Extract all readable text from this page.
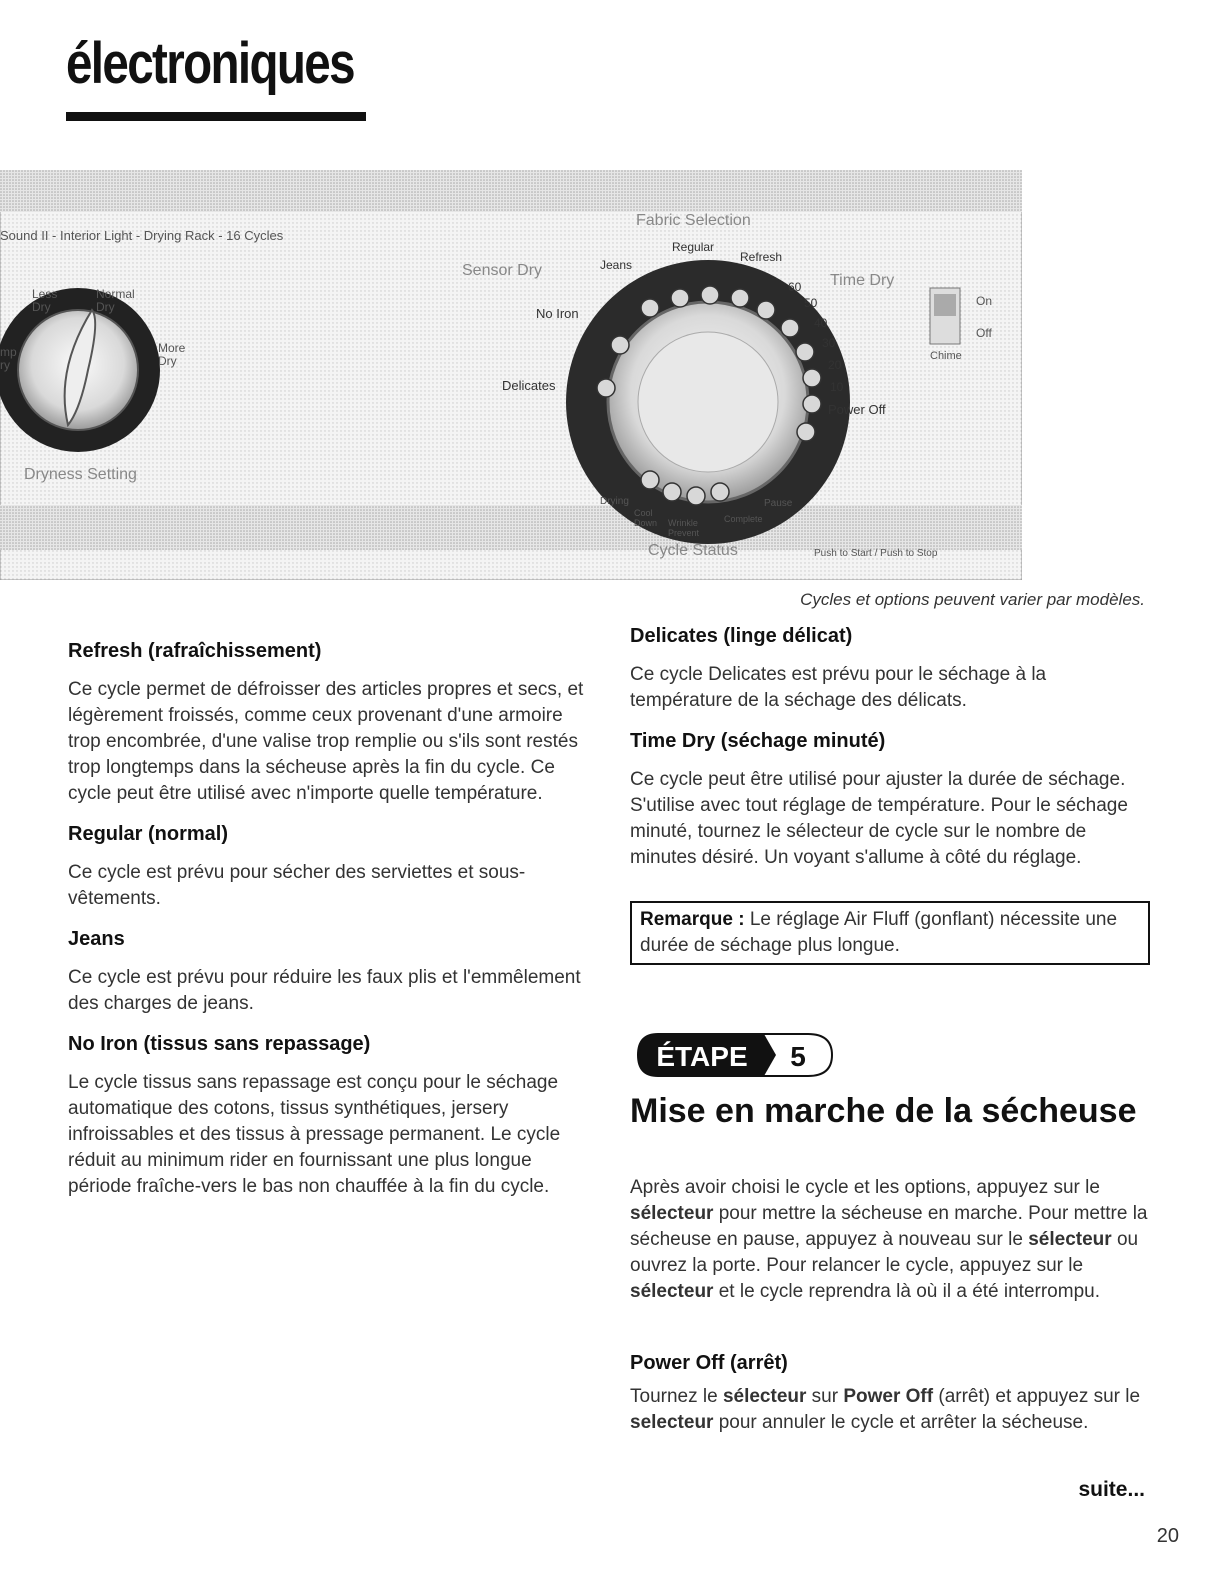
électroniques
Sound II - Interior Light - Drying Rack - 16 Cycles
Less Dry
Normal Dry
More Dry
mp ry
Dryness Setting
Sensor Dry
Fabric Selection
Regular
Refresh
Jeans
No Iron
Delicates
Time Dry
60
50
40
30
20
10
Power Off
On
Off
Chime
Drying
Cool Down	Wrinkle Prevent
Complete
Pause
Cycle Status	Push to Start / Push to Stop
Cycles et options peuvent varier par modèles.
Refresh (rafraîchissement)

Ce cycle permet de défroisser des articles propres et secs, et légèrement froissés, comme ceux provenant d'une armoire trop encombrée, d'une valise trop remplie ou s'ils sont restés trop longtemps dans la sécheuse après la fin du cycle. Ce cycle peut être utilisé avec n'importe quelle température.

Regular (normal)

Ce cycle est prévu pour sécher des serviettes et sous-vêtements.

Jeans

Ce cycle est prévu pour réduire les faux plis et l'emmêlement des charges de jeans.

No Iron (tissus sans repassage)

Le cycle tissus sans repassage est conçu pour le séchage automatique des cotons, tissus synthétiques, jersery infroissables et des tissus à pressage permanent. Le cycle réduit au minimum rider en fournissant une plus longue période fraîche-vers le bas non chauffée à la fin du cycle.

Delicates (linge délicat)

Ce cycle Delicates est prévu pour le séchage à la température de la séchage des délicats.

Time Dry (séchage minuté)

Ce cycle peut être utilisé pour ajuster la durée de séchage. S'utilise avec tout réglage de température. Pour le séchage minuté, tournez le sélecteur de cycle sur le nombre de minutes désiré. Un voyant s'allume à côté du réglage.

Remarque : Le réglage Air Fluff (gonflant) nécessite une durée de séchage plus longue.
ÉTAPE 5
Mise en marche de la sécheuse

Après avoir choisi le cycle et les options, appuyez sur le sélecteur pour mettre la sécheuse en marche. Pour mettre la sécheuse en pause, appuyez à nouveau sur le sélecteur ou ouvrez la porte. Pour relancer le cycle, appuyez sur le sélecteur et le cycle reprendra là où il a été interrompu.

Power Off (arrêt)

Tournez le sélecteur sur Power Off (arrêt) et appuyez sur le selecteur pour annuler le cycle et arrêter la sécheuse.

suite...
20
